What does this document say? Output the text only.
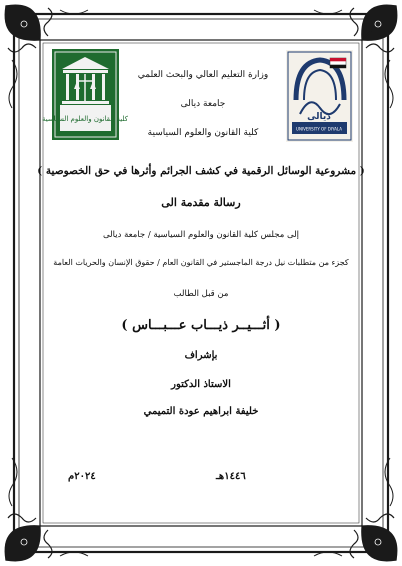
كلية القانون والعلوم السياسية	ديالى
UNIVERSITY OF DIYALA
وزارة التعليم العالي والبحث العلمي
جامعة ديالى
كلية القانون والعلوم السياسية
( مشروعية الوسائل الرقمية في كشف الجرائم وأثرها في حق الخصوصية )
رسالة مقدمة الى
إلى مجلس كلية القانون والعلوم السياسية / جامعة ديالى
كجزء من متطلبات نيل درجة الماجستير في القانون العام / حقوق الإنسان والحريات العامة
من قبل الطالب
( أثـــيــر ذيـــاب عـــبـــاس )
بإشراف
الاستاذ الدكتور
خليفة ابراهيم عودة التميمي
١٤٤٦هـ
٢٠٢٤م
